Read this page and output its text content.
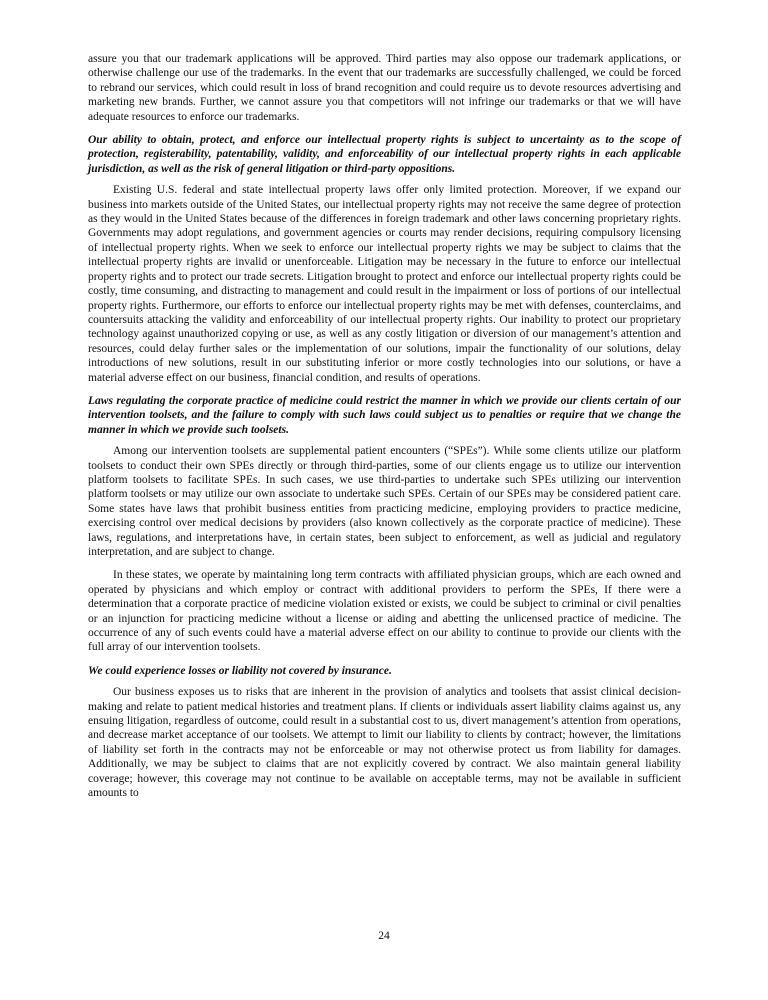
assure you that our trademark applications will be approved. Third parties may also oppose our trademark applications, or otherwise challenge our use of the trademarks. In the event that our trademarks are successfully challenged, we could be forced to rebrand our services, which could result in loss of brand recognition and could require us to devote resources advertising and marketing new brands. Further, we cannot assure you that competitors will not infringe our trademarks or that we will have adequate resources to enforce our trademarks.

Our ability to obtain, protect, and enforce our intellectual property rights is subject to uncertainty as to the scope of protection, registerability, patentability, validity, and enforceability of our intellectual property rights in each applicable jurisdiction, as well as the risk of general litigation or third-party oppositions.

Existing U.S. federal and state intellectual property laws offer only limited protection. Moreover, if we expand our business into markets outside of the United States, our intellectual property rights may not receive the same degree of protection as they would in the United States because of the differences in foreign trademark and other laws concerning proprietary rights. Governments may adopt regulations, and government agencies or courts may render decisions, requiring compulsory licensing of intellectual property rights. When we seek to enforce our intellectual property rights we may be subject to claims that the intellectual property rights are invalid or unenforceable. Litigation may be necessary in the future to enforce our intellectual property rights and to protect our trade secrets. Litigation brought to protect and enforce our intellectual property rights could be costly, time consuming, and distracting to management and could result in the impairment or loss of portions of our intellectual property rights. Furthermore, our efforts to enforce our intellectual property rights may be met with defenses, counterclaims, and countersuits attacking the validity and enforceability of our intellectual property rights. Our inability to protect our proprietary technology against unauthorized copying or use, as well as any costly litigation or diversion of our management’s attention and resources, could delay further sales or the implementation of our solutions, impair the functionality of our solutions, delay introductions of new solutions, result in our substituting inferior or more costly technologies into our solutions, or have a material adverse effect on our business, financial condition, and results of operations.

Laws regulating the corporate practice of medicine could restrict the manner in which we provide our clients certain of our intervention toolsets, and the failure to comply with such laws could subject us to penalties or require that we change the manner in which we provide such toolsets.

Among our intervention toolsets are supplemental patient encounters (“SPEs”). While some clients utilize our platform toolsets to conduct their own SPEs directly or through third-parties, some of our clients engage us to utilize our intervention platform toolsets to facilitate SPEs. In such cases, we use third-parties to undertake such SPEs utilizing our intervention platform toolsets or may utilize our own associate to undertake such SPEs. Certain of our SPEs may be considered patient care. Some states have laws that prohibit business entities from practicing medicine, employing providers to practice medicine, exercising control over medical decisions by providers (also known collectively as the corporate practice of medicine). These laws, regulations, and interpretations have, in certain states, been subject to enforcement, as well as judicial and regulatory interpretation, and are subject to change.

In these states, we operate by maintaining long term contracts with affiliated physician groups, which are each owned and operated by physicians and which employ or contract with additional providers to perform the SPEs, If there were a determination that a corporate practice of medicine violation existed or exists, we could be subject to criminal or civil penalties or an injunction for practicing medicine without a license or aiding and abetting the unlicensed practice of medicine. The occurrence of any of such events could have a material adverse effect on our ability to continue to provide our clients with the full array of our intervention toolsets.

We could experience losses or liability not covered by insurance.

Our business exposes us to risks that are inherent in the provision of analytics and toolsets that assist clinical decision-making and relate to patient medical histories and treatment plans. If clients or individuals assert liability claims against us, any ensuing litigation, regardless of outcome, could result in a substantial cost to us, divert management’s attention from operations, and decrease market acceptance of our toolsets. We attempt to limit our liability to clients by contract; however, the limitations of liability set forth in the contracts may not be enforceable or may not otherwise protect us from liability for damages. Additionally, we may be subject to claims that are not explicitly covered by contract. We also maintain general liability coverage; however, this coverage may not continue to be available on acceptable terms, may not be available in sufficient amounts to

24
